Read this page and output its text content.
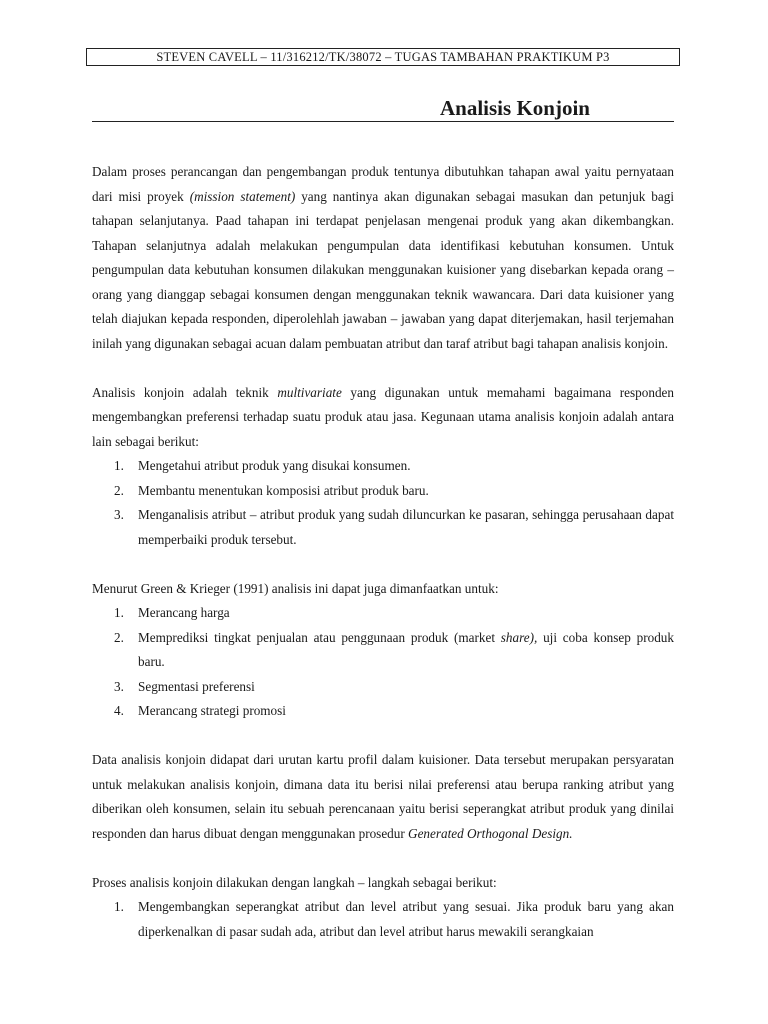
STEVEN CAVELL – 11/316212/TK/38072 – TUGAS TAMBAHAN PRAKTIKUM P3
Analisis Konjoin

Dalam proses perancangan dan pengembangan produk tentunya dibutuhkan tahapan awal yaitu pernyataan dari misi proyek (mission statement) yang nantinya akan digunakan sebagai masukan dan petunjuk bagi tahapan selanjutanya. Paad tahapan ini terdapat penjelasan mengenai produk yang akan dikembangkan. Tahapan selanjutnya adalah melakukan pengumpulan data identifikasi kebutuhan konsumen. Untuk pengumpulan data kebutuhan konsumen dilakukan menggunakan kuisioner yang disebarkan kepada orang – orang yang dianggap sebagai konsumen dengan menggunakan teknik wawancara. Dari data kuisioner yang telah diajukan kepada responden, diperolehlah jawaban – jawaban yang dapat diterjemakan, hasil terjemahan inilah yang digunakan sebagai acuan dalam pembuatan atribut dan taraf atribut bagi tahapan analisis konjoin.

Analisis konjoin adalah teknik multivariate yang digunakan untuk memahami bagaimana responden mengembangkan preferensi terhadap suatu produk atau jasa. Kegunaan utama analisis konjoin adalah antara lain sebagai berikut:

1. Mengetahui atribut produk yang disukai konsumen.
2. Membantu menentukan komposisi atribut produk baru.
3. Menganalisis atribut – atribut produk yang sudah diluncurkan ke pasaran, sehingga perusahaan dapat memperbaiki produk tersebut.

Menurut Green & Krieger (1991) analisis ini dapat juga dimanfaatkan untuk:

1. Merancang harga
2. Memprediksi tingkat penjualan atau penggunaan produk (market share), uji coba konsep produk baru.
3. Segmentasi preferensi
4. Merancang strategi promosi

Data analisis konjoin didapat dari urutan kartu profil dalam kuisioner. Data tersebut merupakan persyaratan untuk melakukan analisis konjoin, dimana data itu berisi nilai preferensi atau berupa ranking atribut yang diberikan oleh konsumen, selain itu sebuah perencanaan yaitu berisi seperangkat atribut produk yang dinilai responden dan harus dibuat dengan menggunakan prosedur Generated Orthogonal Design.

Proses analisis konjoin dilakukan dengan langkah – langkah sebagai berikut:

1. Mengembangkan seperangkat atribut dan level atribut yang sesuai. Jika produk baru yang akan diperkenalkan di pasar sudah ada, atribut dan level atribut harus mewakili serangkaian
